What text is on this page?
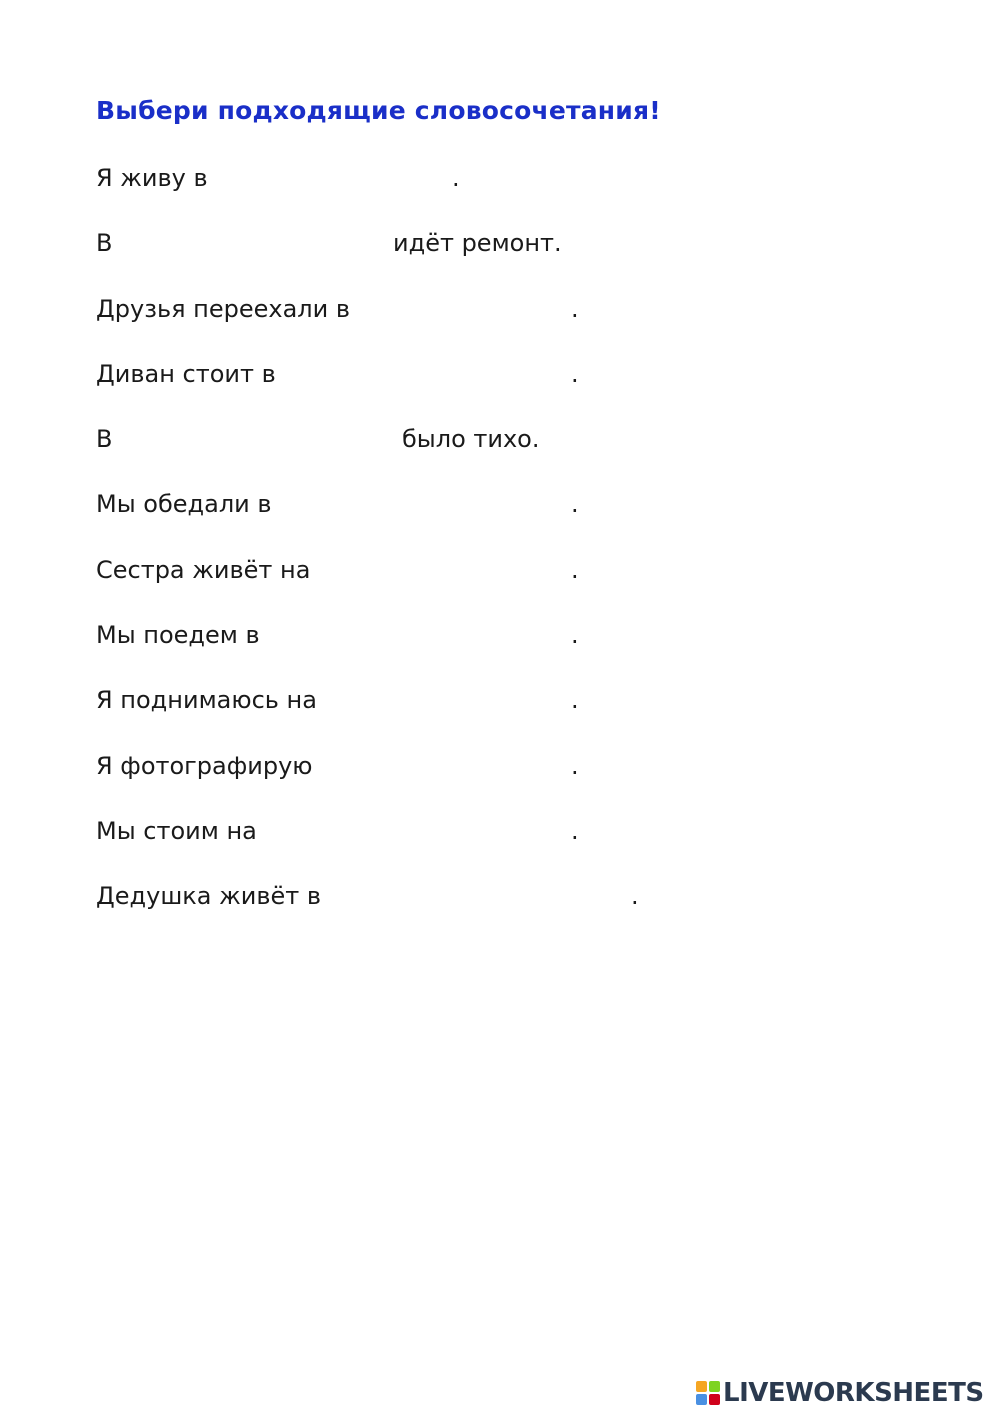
Выбери подходящие словосочетания!
Я живу в	.
В	идёт ремонт.
Друзья переехали в	.
Диван стоит в	.
В	было тихо.
Мы обедали в	.
Сестра живёт на	.
Мы поедем в	.
Я поднимаюсь на	.
Я фотографирую	.
Мы стоим на	.
Дедушка живёт в	.
LIVEWORKSHEETS
